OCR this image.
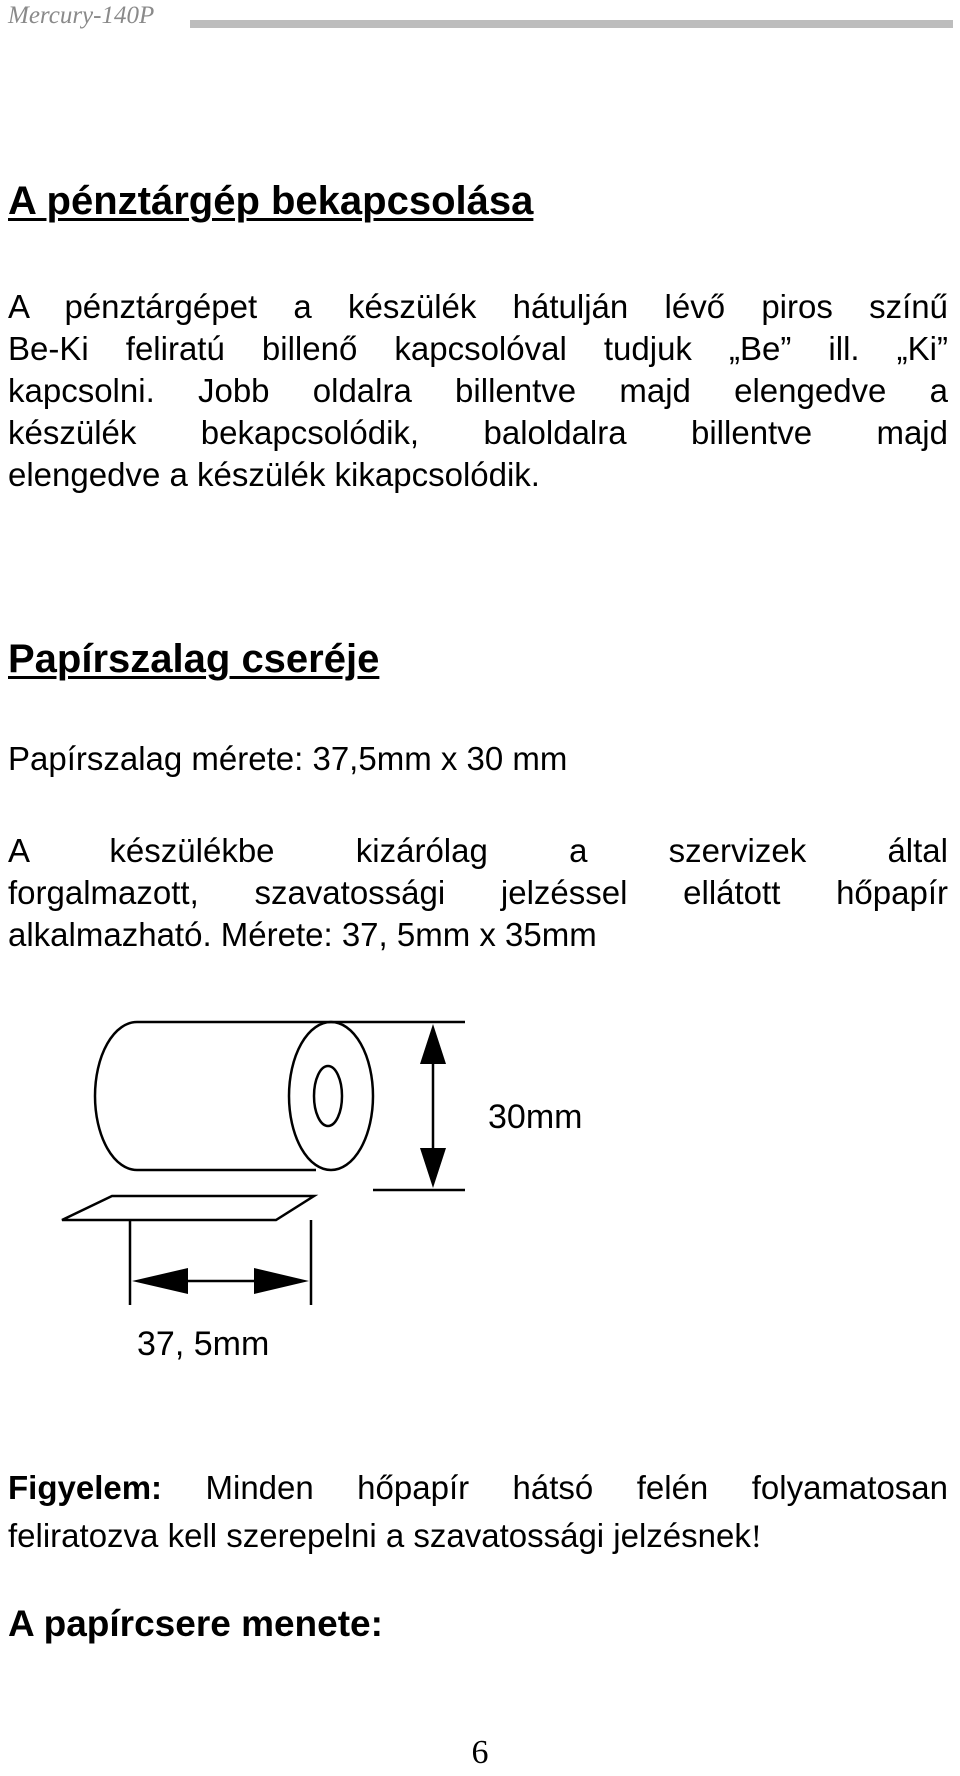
Mercury-140P
A pénztárgép bekapcsolása
A pénztárgépet a készülék hátulján lévő piros színű
Be-Ki feliratú billenő kapcsolóval tudjuk „Be” ill. „Ki”
kapcsolni. Jobb oldalra billentve majd elengedve a
készülék bekapcsolódik, baloldalra billentve majd
elengedve a készülék kikapcsolódik.
Papírszalag cseréje
Papírszalag mérete: 37,5mm x 30 mm
A készülékbe kizárólag a szervizek által
forgalmazott, szavatossági jelzéssel ellátott hőpapír
alkalmazható. Mérete: 37, 5mm x 35mm
30mm
37, 5mm
Figyelem: Minden hőpapír hátsó felén folyamatosan
feliratozva kell szerepelni a szavatossági jelzésnek!
A papírcsere menete:
6
